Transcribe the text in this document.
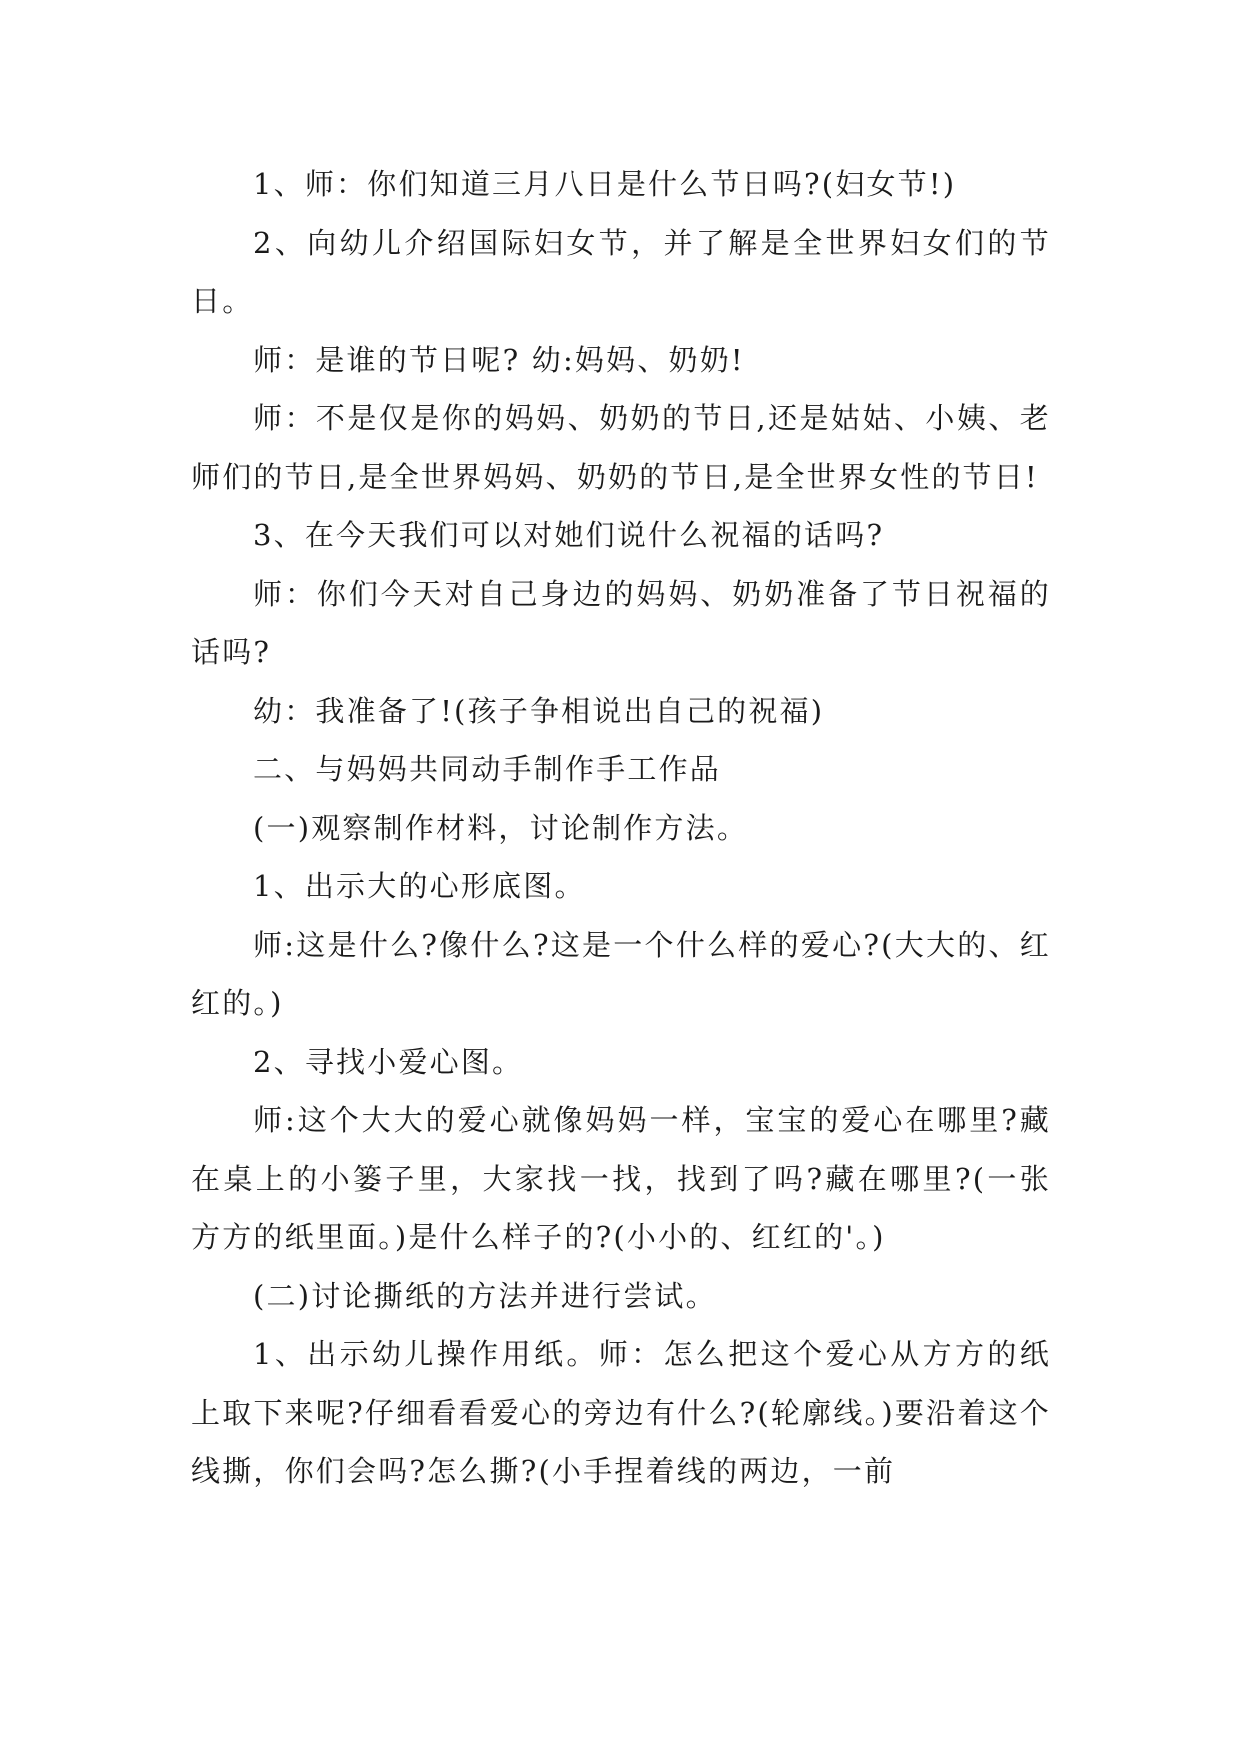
1、师：你们知道三月八日是什么节日吗?(妇女节!)

2、向幼儿介绍国际妇女节，并了解是全世界妇女们的节日。

师：是谁的节日呢? 幼:妈妈、奶奶!

师：不是仅是你的妈妈、奶奶的节日,还是姑姑、小姨、老师们的节日,是全世界妈妈、奶奶的节日,是全世界女性的节日!

3、在今天我们可以对她们说什么祝福的话吗?

师：你们今天对自己身边的妈妈、奶奶准备了节日祝福的话吗?

幼：我准备了!(孩子争相说出自己的祝福)

二、与妈妈共同动手制作手工作品

(一)观察制作材料，讨论制作方法。

1、出示大的心形底图。

师:这是什么?像什么?这是一个什么样的爱心?(大大的、红红的。)

2、寻找小爱心图。

师:这个大大的爱心就像妈妈一样，宝宝的爱心在哪里?藏在桌上的小篓子里，大家找一找，找到了吗?藏在哪里?(一张方方的纸里面。)是什么样子的?(小小的、红红的'。)

(二)讨论撕纸的方法并进行尝试。

1、出示幼儿操作用纸。师：怎么把这个爱心从方方的纸上取下来呢?仔细看看爱心的旁边有什么?(轮廓线。)要沿着这个线撕，你们会吗?怎么撕?(小手捏着线的两边，一前
